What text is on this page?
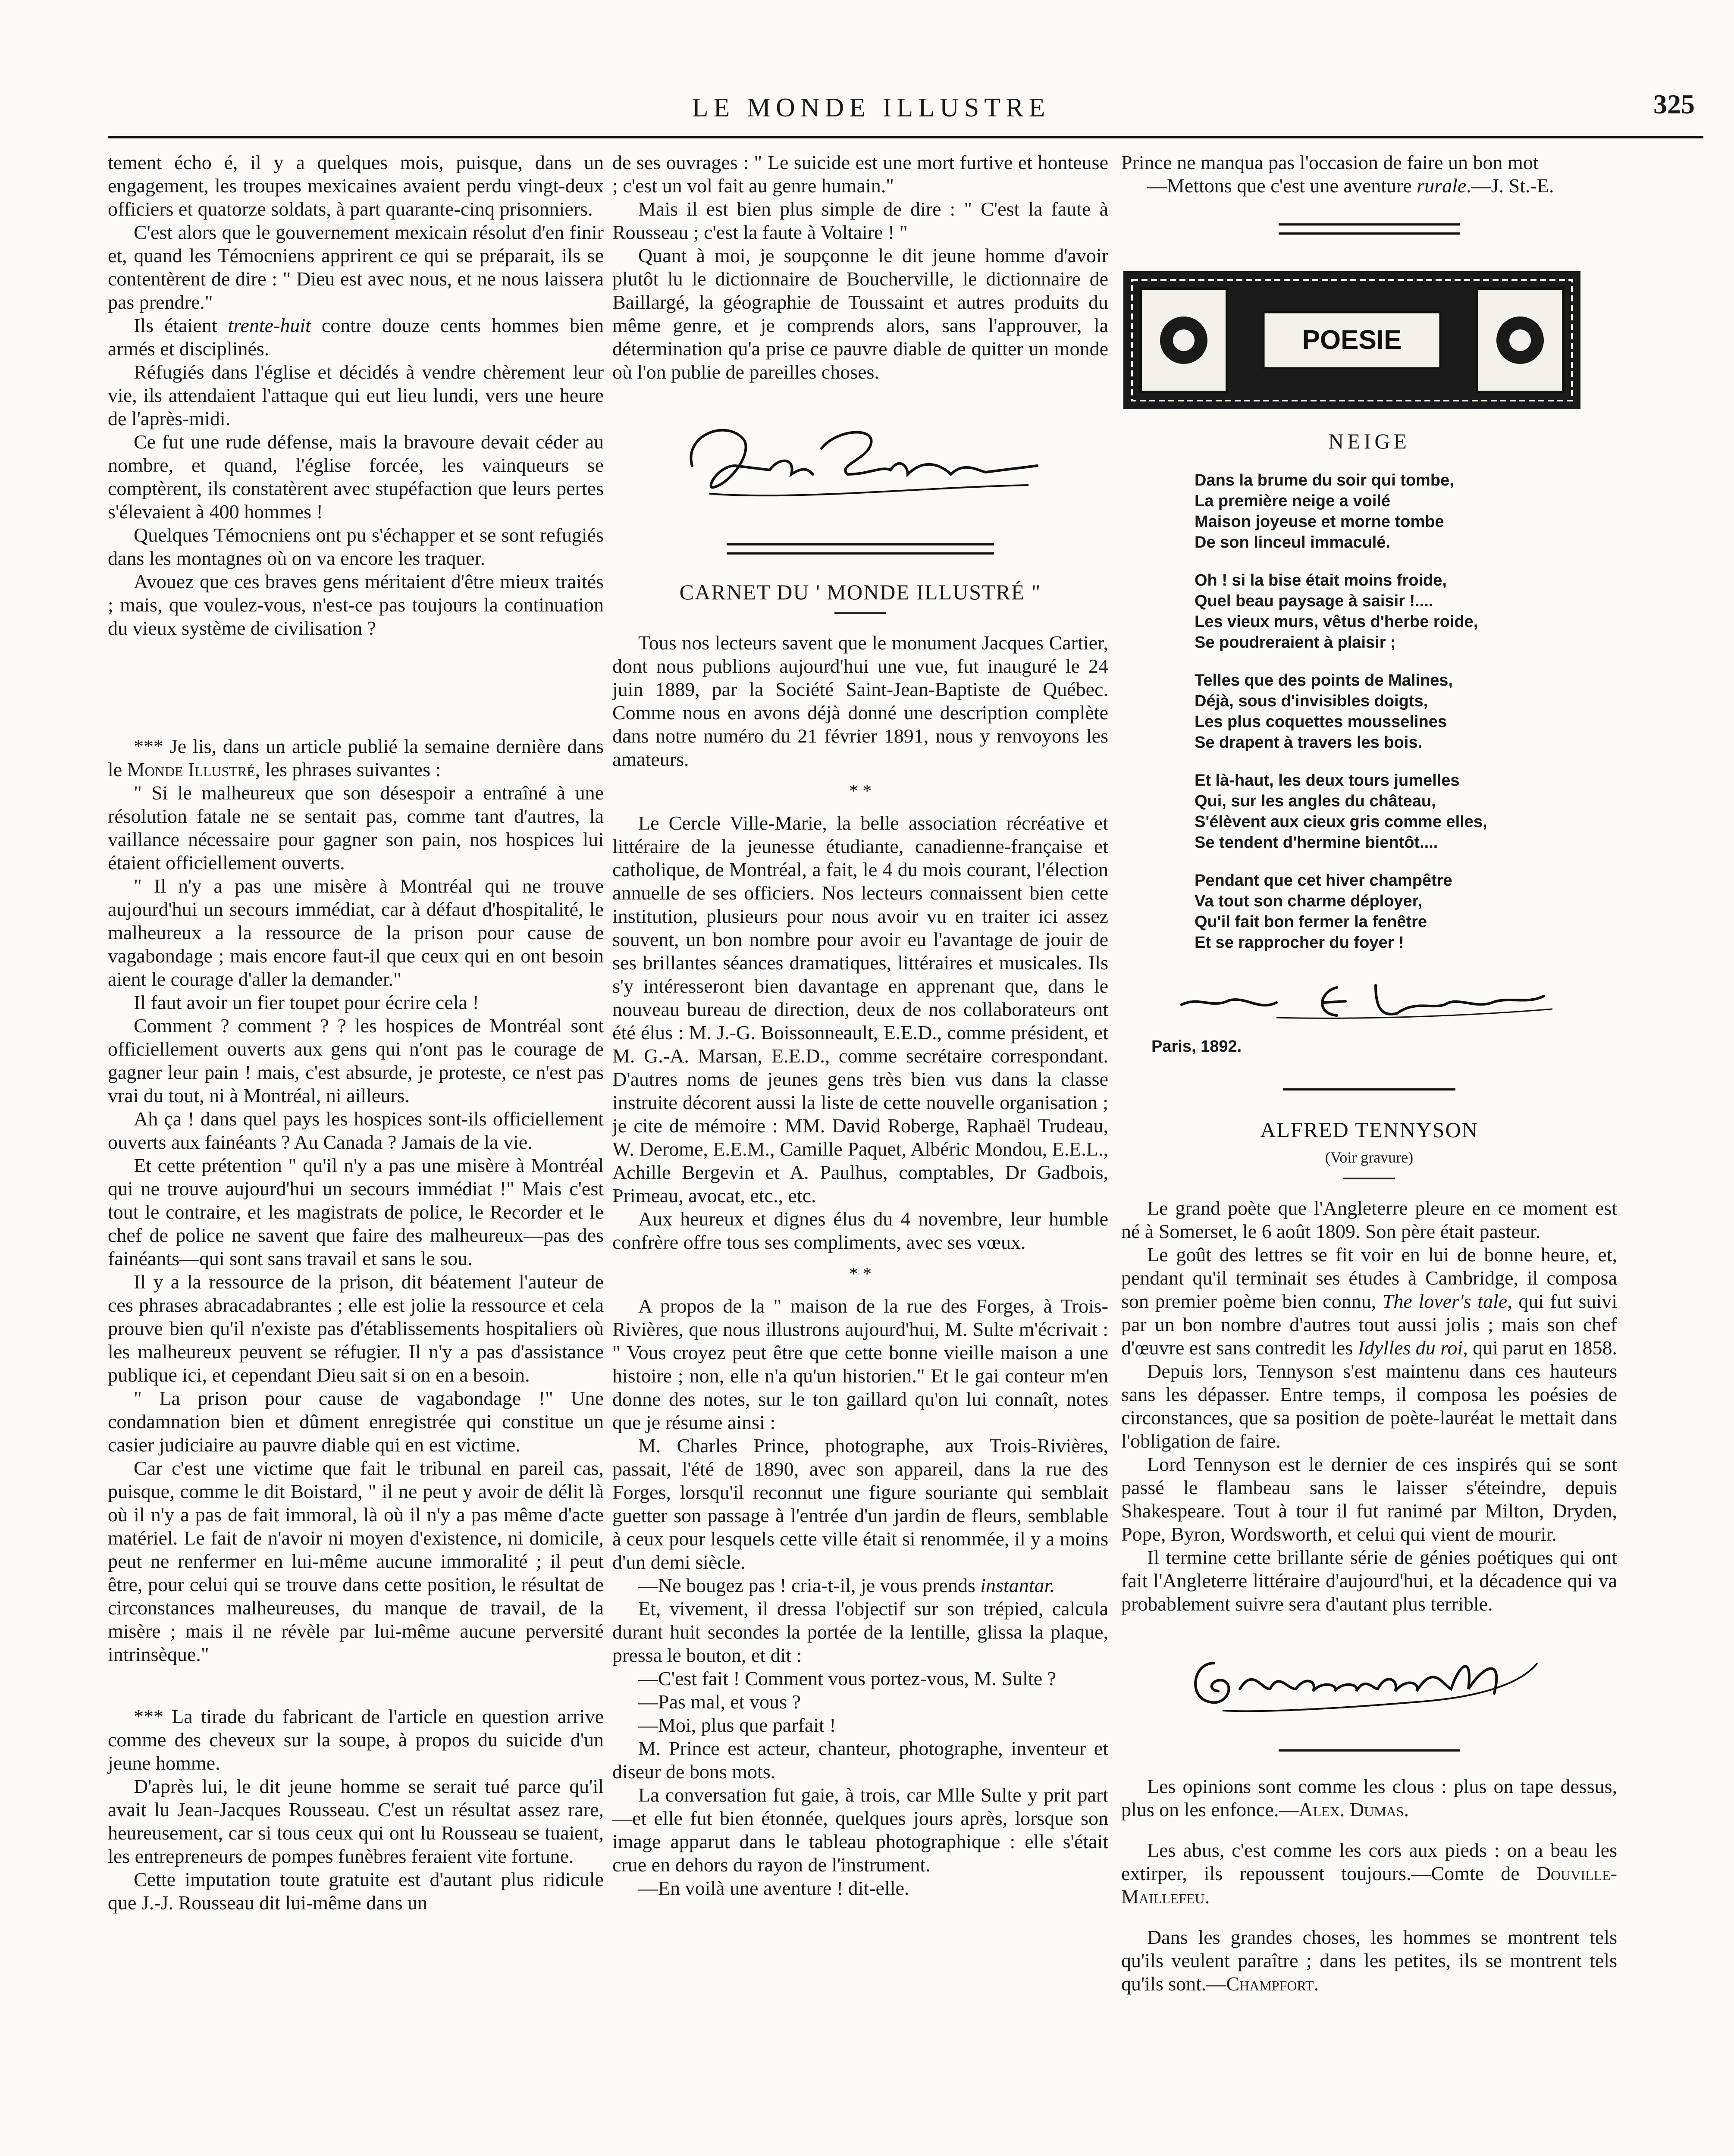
LE MONDE ILLUSTRE	325

tement écho é, il y a quelques mois, puisque, dans un engagement, les troupes mexicaines avaient perdu vingt-deux officiers et quatorze soldats, à part quarante-cinq prisonniers.

C'est alors que le gouvernement mexicain résolut d'en finir et, quand les Témocniens apprirent ce qui se préparait, ils se contentèrent de dire : " Dieu est avec nous, et ne nous laissera pas prendre."

Ils étaient trente-huit contre douze cents hommes bien armés et disciplinés.

Réfugiés dans l'église et décidés à vendre chèrement leur vie, ils attendaient l'attaque qui eut lieu lundi, vers une heure de l'après-midi.

Ce fut une rude défense, mais la bravoure devait céder au nombre, et quand, l'église forcée, les vainqueurs se comptèrent, ils constatèrent avec stupéfaction que leurs pertes s'élevaient à 400 hommes !

Quelques Témocniens ont pu s'échapper et se sont refugiés dans les montagnes où on va encore les traquer.

Avouez que ces braves gens méritaient d'être mieux traités ; mais, que voulez-vous, n'est-ce pas toujours la continuation du vieux système de civilisation ?

*** Je lis, dans un article publié la semaine dernière dans le Monde Illustré, les phrases suivantes :

" Si le malheureux que son désespoir a entraîné à une résolution fatale ne se sentait pas, comme tant d'autres, la vaillance nécessaire pour gagner son pain, nos hospices lui étaient officiellement ouverts.

" Il n'y a pas une misère à Montréal qui ne trouve aujourd'hui un secours immédiat, car à défaut d'hospitalité, le malheureux a la ressource de la prison pour cause de vagabondage ; mais encore faut-il que ceux qui en ont besoin aient le courage d'aller la demander."

Il faut avoir un fier toupet pour écrire cela !

Comment ? comment ? ? les hospices de Montréal sont officiellement ouverts aux gens qui n'ont pas le courage de gagner leur pain ! mais, c'est absurde, je proteste, ce n'est pas vrai du tout, ni à Montréal, ni ailleurs.

Ah ça ! dans quel pays les hospices sont-ils officiellement ouverts aux fainéants ? Au Canada ? Jamais de la vie.

Et cette prétention " qu'il n'y a pas une misère à Montréal qui ne trouve aujourd'hui un secours immédiat !" Mais c'est tout le contraire, et les magistrats de police, le Recorder et le chef de police ne savent que faire des malheureux—pas des fainéants—qui sont sans travail et sans le sou.

Il y a la ressource de la prison, dit béatement l'auteur de ces phrases abracadabrantes ; elle est jolie la ressource et cela prouve bien qu'il n'existe pas d'établissements hospitaliers où les malheureux peuvent se réfugier. Il n'y a pas d'assistance publique ici, et cependant Dieu sait si on en a besoin.

" La prison pour cause de vagabondage !" Une condamnation bien et dûment enregistrée qui constitue un casier judiciaire au pauvre diable qui en est victime.

Car c'est une victime que fait le tribunal en pareil cas, puisque, comme le dit Boistard, " il ne peut y avoir de délit là où il n'y a pas de fait immoral, là où il n'y a pas même d'acte matériel. Le fait de n'avoir ni moyen d'existence, ni domicile, peut ne renfermer en lui-même aucune immoralité ; il peut être, pour celui qui se trouve dans cette position, le résultat de circonstances malheureuses, du manque de travail, de la misère ; mais il ne révèle par lui-même aucune perversité intrinsèque."

*** La tirade du fabricant de l'article en question arrive comme des cheveux sur la soupe, à propos du suicide d'un jeune homme.

D'après lui, le dit jeune homme se serait tué parce qu'il avait lu Jean-Jacques Rousseau. C'est un résultat assez rare, heureusement, car si tous ceux qui ont lu Rousseau se tuaient, les entrepreneurs de pompes funèbres feraient vite fortune.

Cette imputation toute gratuite est d'autant plus ridicule que J.-J. Rousseau dit lui-même dans un

de ses ouvrages : " Le suicide est une mort furtive et honteuse ; c'est un vol fait au genre humain."

Mais il est bien plus simple de dire : " C'est la faute à Rousseau ; c'est la faute à Voltaire ! "

Quant à moi, je soupçonne le dit jeune homme d'avoir plutôt lu le dictionnaire de Boucherville, le dictionnaire de Baillargé, la géographie de Toussaint et autres produits du même genre, et je comprends alors, sans l'approuver, la détermination qu'a prise ce pauvre diable de quitter un monde où l'on publie de pareilles choses.

CARNET DU ' MONDE ILLUSTRÉ "

Tous nos lecteurs savent que le monument Jacques Cartier, dont nous publions aujourd'hui une vue, fut inauguré le 24 juin 1889, par la Société Saint-Jean-Baptiste de Québec. Comme nous en avons déjà donné une description complète dans notre numéro du 21 février 1891, nous y renvoyons les amateurs.

* *

Le Cercle Ville-Marie, la belle association récréative et littéraire de la jeunesse étudiante, canadienne-française et catholique, de Montréal, a fait, le 4 du mois courant, l'élection annuelle de ses officiers. Nos lecteurs connaissent bien cette institution, plusieurs pour nous avoir vu en traiter ici assez souvent, un bon nombre pour avoir eu l'avantage de jouir de ses brillantes séances dramatiques, littéraires et musicales. Ils s'y intéresseront bien davantage en apprenant que, dans le nouveau bureau de direction, deux de nos collaborateurs ont été élus : M. J.-G. Boissonneault, E.E.D., comme président, et M. G.-A. Marsan, E.E.D., comme secrétaire correspondant. D'autres noms de jeunes gens très bien vus dans la classe instruite décorent aussi la liste de cette nouvelle organisation ; je cite de mémoire : MM. David Roberge, Raphaël Trudeau, W. Derome, E.E.M., Camille Paquet, Albéric Mondou, E.E.L., Achille Bergevin et A. Paulhus, comptables, Dr Gadbois, Primeau, avocat, etc., etc.

Aux heureux et dignes élus du 4 novembre, leur humble confrère offre tous ses compliments, avec ses vœux.

* *

A propos de la " maison de la rue des Forges, à Trois-Rivières, que nous illustrons aujourd'hui, M. Sulte m'écrivait : " Vous croyez peut être que cette bonne vieille maison a une histoire ; non, elle n'a qu'un historien." Et le gai conteur m'en donne des notes, sur le ton gaillard qu'on lui connaît, notes que je résume ainsi :

M. Charles Prince, photographe, aux Trois-Rivières, passait, l'été de 1890, avec son appareil, dans la rue des Forges, lorsqu'il reconnut une figure souriante qui semblait guetter son passage à l'entrée d'un jardin de fleurs, semblable à ceux pour lesquels cette ville était si renommée, il y a moins d'un demi siècle.

—Ne bougez pas ! cria-t-il, je vous prends instantar.

Et, vivement, il dressa l'objectif sur son trépied, calcula durant huit secondes la portée de la lentille, glissa la plaque, pressa le bouton, et dit :

—C'est fait ! Comment vous portez-vous, M. Sulte ?

—Pas mal, et vous ?

—Moi, plus que parfait !

M. Prince est acteur, chanteur, photographe, inventeur et diseur de bons mots.

La conversation fut gaie, à trois, car Mlle Sulte y prit part—et elle fut bien étonnée, quelques jours après, lorsque son image apparut dans le tableau photographique : elle s'était crue en dehors du rayon de l'instrument.

—En voilà une aventure ! dit-elle.

Prince ne manqua pas l'occasion de faire un bon mot

—Mettons que c'est une aventure rurale.—J. St.-E.

POESIE
NEIGE
Dans la brume du soir qui tombe,
La première neige a voilé
Maison joyeuse et morne tombe
De son linceul immaculé.
Oh ! si la bise était moins froide,
Quel beau paysage à saisir !....
Les vieux murs, vêtus d'herbe roide,
Se poudreraient à plaisir ;
Telles que des points de Malines,
Déjà, sous d'invisibles doigts,
Les plus coquettes mousselines
Se drapent à travers les bois.
Et là-haut, les deux tours jumelles
Qui, sur les angles du château,
S'élèvent aux cieux gris comme elles,
Se tendent d'hermine bientôt....
Pendant que cet hiver champêtre
Va tout son charme déployer,
Qu'il fait bon fermer la fenêtre
Et se rapprocher du foyer !
Paris, 1892.
ALFRED TENNYSON
(Voir gravure)

Le grand poète que l'Angleterre pleure en ce moment est né à Somerset, le 6 août 1809. Son père était pasteur.

Le goût des lettres se fit voir en lui de bonne heure, et, pendant qu'il terminait ses études à Cambridge, il composa son premier poème bien connu, The lover's tale, qui fut suivi par un bon nombre d'autres tout aussi jolis ; mais son chef d'œuvre est sans contredit les Idylles du roi, qui parut en 1858.

Depuis lors, Tennyson s'est maintenu dans ces hauteurs sans les dépasser. Entre temps, il composa les poésies de circonstances, que sa position de poète-lauréat le mettait dans l'obligation de faire.

Lord Tennyson est le dernier de ces inspirés qui se sont passé le flambeau sans le laisser s'éteindre, depuis Shakespeare. Tout à tour il fut ranimé par Milton, Dryden, Pope, Byron, Wordsworth, et celui qui vient de mourir.

Il termine cette brillante série de génies poétiques qui ont fait l'Angleterre littéraire d'aujourd'hui, et la décadence qui va probablement suivre sera d'autant plus terrible.

Les opinions sont comme les clous : plus on tape dessus, plus on les enfonce.—Alex. Dumas.

Les abus, c'est comme les cors aux pieds : on a beau les extirper, ils repoussent toujours.—Comte de Douville-Maillefeu.

Dans les grandes choses, les hommes se montrent tels qu'ils veulent paraître ; dans les petites, ils se montrent tels qu'ils sont.—Champfort.
